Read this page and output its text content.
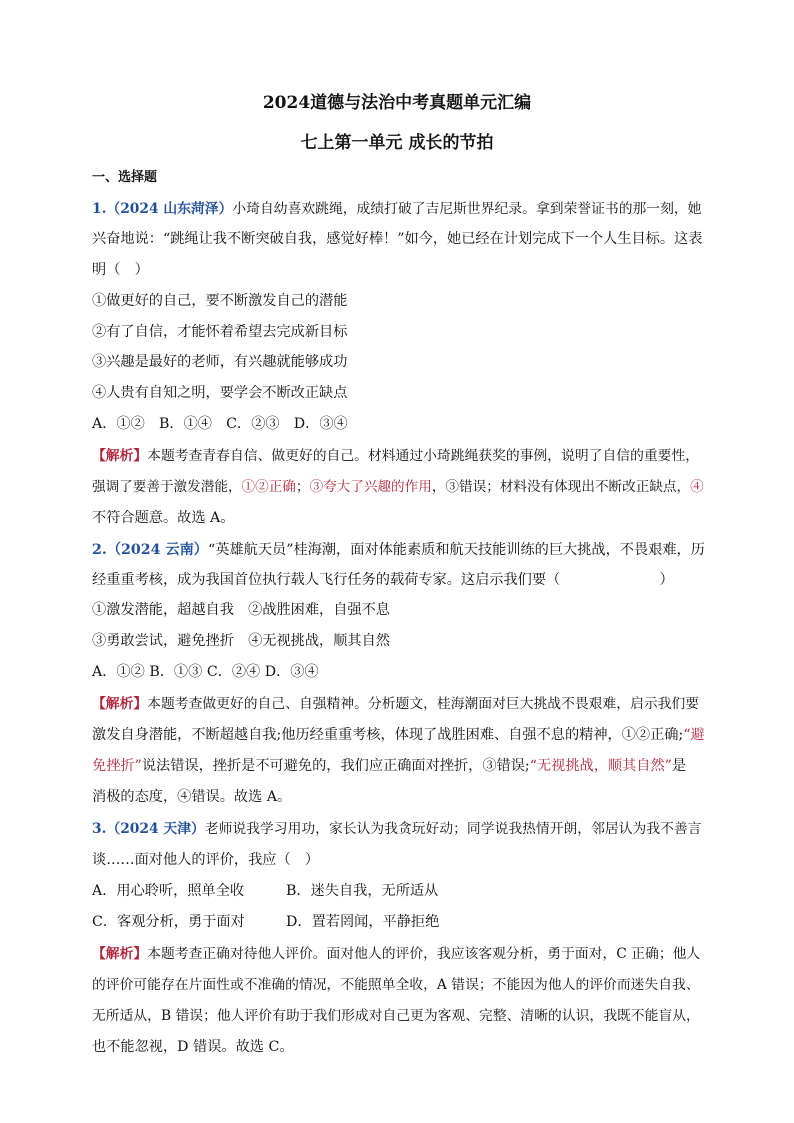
2024道德与法治中考真题单元汇编
七上第一单元 成长的节拍
一、选择题
1.（2024 山东菏泽）小琦自幼喜欢跳绳，成绩打破了吉尼斯世界纪录。拿到荣誉证书的那一刻，她
兴奋地说：“跳绳让我不断突破自我，感觉好棒！”如今，她已经在计划完成下一个人生目标。这表
明（　）
①做更好的自己，要不断激发自己的潜能
②有了自信，才能怀着希望去完成新目标
③兴趣是最好的老师，有兴趣就能够成功
④人贵有自知之明，要学会不断改正缺点
A．①②　B．①④　C．②③　D．③④
【解析】本题考查青春自信、做更好的自己。材料通过小琦跳绳获奖的事例，说明了自信的重要性，
强调了要善于激发潜能，①②正确；③夸大了兴趣的作用，③错误；材料没有体现出不断改正缺点，④
不符合题意。故选 A。
2.（2024 云南）“英雄航天员”桂海潮，面对体能素质和航天技能训练的巨大挑战，不畏艰难，历
经重重考核，成为我国首位执行载人飞行任务的载荷专家。这启示我们要（　　　　　　　）
①激发潜能，超越自我　②战胜困难，自强不息
③勇敢尝试，避免挫折　④无视挑战，顺其自然
A．①② B．①③ C．②④ D．③④
【解析】本题考查做更好的自己、自强精神。分析题文，桂海潮面对巨大挑战不畏艰难，启示我们要
激发自身潜能，不断超越自我;他历经重重考核，体现了战胜困难、自强不息的精神，①②正确;“避
免挫折”说法错误，挫折是不可避免的，我们应正确面对挫折，③错误;“无视挑战，顺其自然”是
消极的态度，④错误。故选 A。
3.（2024 天津）老师说我学习用功，家长认为我贪玩好动；同学说我热情开朗，邻居认为我不善言
谈……面对他人的评价，我应（　）
A．用心聆听，照单全收	B．迷失自我，无所适从
C．客观分析，勇于面对	D．置若罔闻，平静拒绝
【解析】本题考查正确对待他人评价。面对他人的评价，我应该客观分析，勇于面对，C 正确；他人
的评价可能存在片面性或不准确的情况，不能照单全收，A 错误；不能因为他人的评价而迷失自我、
无所适从，B 错误；他人评价有助于我们形成对自己更为客观、完整、清晰的认识，我既不能盲从，
也不能忽视，D 错误。故选 C。
